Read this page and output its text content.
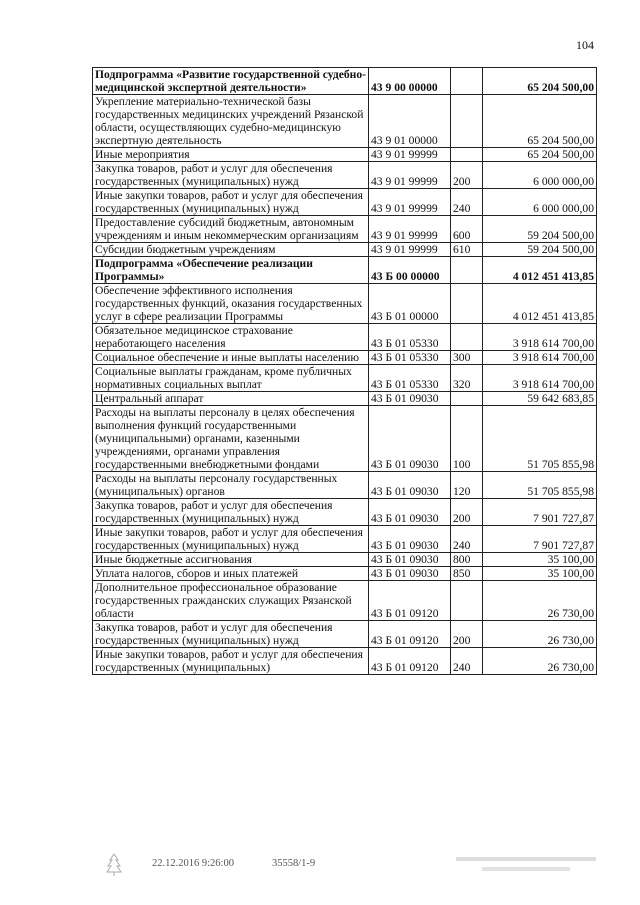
104
Подпрограмма «Развитие государственной судебно-медицинской экспертной деятельности»	43 9 00 00000		65 204 500,00
Укрепление материально-технической базы государственных медицинских учреждений Рязанской области, осуществляющих судебно-медицинскую экспертную деятельность	43 9 01 00000		65 204 500,00
Иные мероприятия	43 9 01 99999		65 204 500,00
Закупка товаров, работ и услуг для обеспечения государственных (муниципальных) нужд	43 9 01 99999	200	6 000 000,00
Иные закупки товаров, работ и услуг для обеспечения государственных (муниципальных) нужд	43 9 01 99999	240	6 000 000,00
Предоставление субсидий бюджетным, автономным учреждениям и иным некоммерческим организациям	43 9 01 99999	600	59 204 500,00
Субсидии бюджетным учреждениям	43 9 01 99999	610	59 204 500,00
Подпрограмма «Обеспечение реализации Программы»	43 Б 00 00000		4 012 451 413,85
Обеспечение эффективного исполнения государственных функций, оказания государственных услуг в сфере реализации Программы	43 Б 01 00000		4 012 451 413,85
Обязательное медицинское страхование неработающего населения	43 Б 01 05330		3 918 614 700,00
Социальное обеспечение и иные выплаты населению	43 Б 01 05330	300	3 918 614 700,00
Социальные выплаты гражданам, кроме публичных нормативных социальных выплат	43 Б 01 05330	320	3 918 614 700,00
Центральный аппарат	43 Б 01 09030		59 642 683,85
Расходы на выплаты персоналу в целях обеспечения выполнения функций государственными (муниципальными) органами, казенными учреждениями, органами управления государственными внебюджетными фондами	43 Б 01 09030	100	51 705 855,98
Расходы на выплаты персоналу государственных (муниципальных) органов	43 Б 01 09030	120	51 705 855,98
Закупка товаров, работ и услуг для обеспечения государственных (муниципальных) нужд	43 Б 01 09030	200	7 901 727,87
Иные закупки товаров, работ и услуг для обеспечения государственных (муниципальных) нужд	43 Б 01 09030	240	7 901 727,87
Иные бюджетные ассигнования	43 Б 01 09030	800	35 100,00
Уплата налогов, сборов и иных платежей	43 Б 01 09030	850	35 100,00
Дополнительное профессиональное образование государственных гражданских служащих Рязанской области	43 Б 01 09120		26 730,00
Закупка товаров, работ и услуг для обеспечения государственных (муниципальных) нужд	43 Б 01 09120	200	26 730,00
Иные закупки товаров, работ и услуг для обеспечения государственных (муниципальных)	43 Б 01 09120	240	26 730,00
22.12.2016 9:26:00	35558/1-9
